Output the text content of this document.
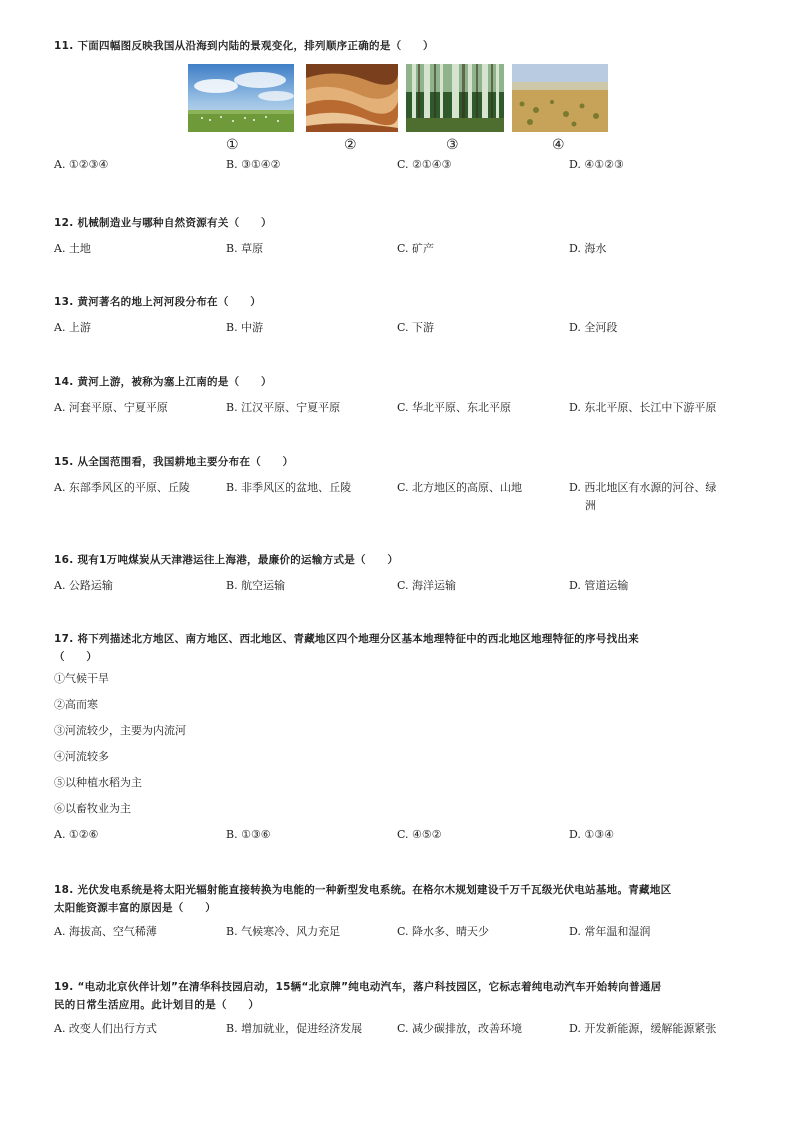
11. 下面四幅图反映我国从沿海到内陆的景观变化，排列顺序正确的是（　　）
①	②	③	④
A. ①②③④	B. ③①④②	C. ②①④③	D. ④①②③
12. 机械制造业与哪种自然资源有关（　　）
A. 土地	B. 草原	C. 矿产	D. 海水
13. 黄河著名的地上河河段分布在（　　）
A. 上游	B. 中游	C. 下游	D. 全河段
14. 黄河上游，被称为塞上江南的是（　　）
A. 河套平原、宁夏平原	B. 江汉平原、宁夏平原	C. 华北平原、东北平原	D. 东北平原、长江中下游平原
15. 从全国范围看，我国耕地主要分布在（　　）
A. 东部季风区的平原、丘陵	B. 非季风区的盆地、丘陵	C. 北方地区的高原、山地	D. 西北地区有水源的河谷、绿
洲
16. 现有1万吨煤炭从天津港运往上海港，最廉价的运输方式是（　　）
A. 公路运输	B. 航空运输	C. 海洋运输	D. 管道运输
17. 将下列描述北方地区、南方地区、西北地区、青藏地区四个地理分区基本地理特征中的西北地区地理特征的序号找出来
（　　）
①气候干旱
②高而寒
③河流较少，主要为内流河
④河流较多
⑤以种植水稻为主
⑥以畜牧业为主
A. ①②⑥	B. ①③⑥	C. ④⑤②	D. ①③④
18. 光伏发电系统是将太阳光辐射能直接转换为电能的一种新型发电系统。在格尔木规划建设千万千瓦级光伏电站基地。青藏地区
太阳能资源丰富的原因是（　　）
A. 海拔高、空气稀薄	B. 气候寒冷、风力充足	C. 降水多、晴天少	D. 常年温和湿润
19. “电动北京伙伴计划”在清华科技园启动，15辆“北京牌”纯电动汽车，落户科技园区，它标志着纯电动汽车开始转向普通居
民的日常生活应用。此计划目的是（　　）
A. 改变人们出行方式	B. 增加就业，促进经济发展	C. 减少碳排放，改善环境	D. 开发新能源，缓解能源紧张
